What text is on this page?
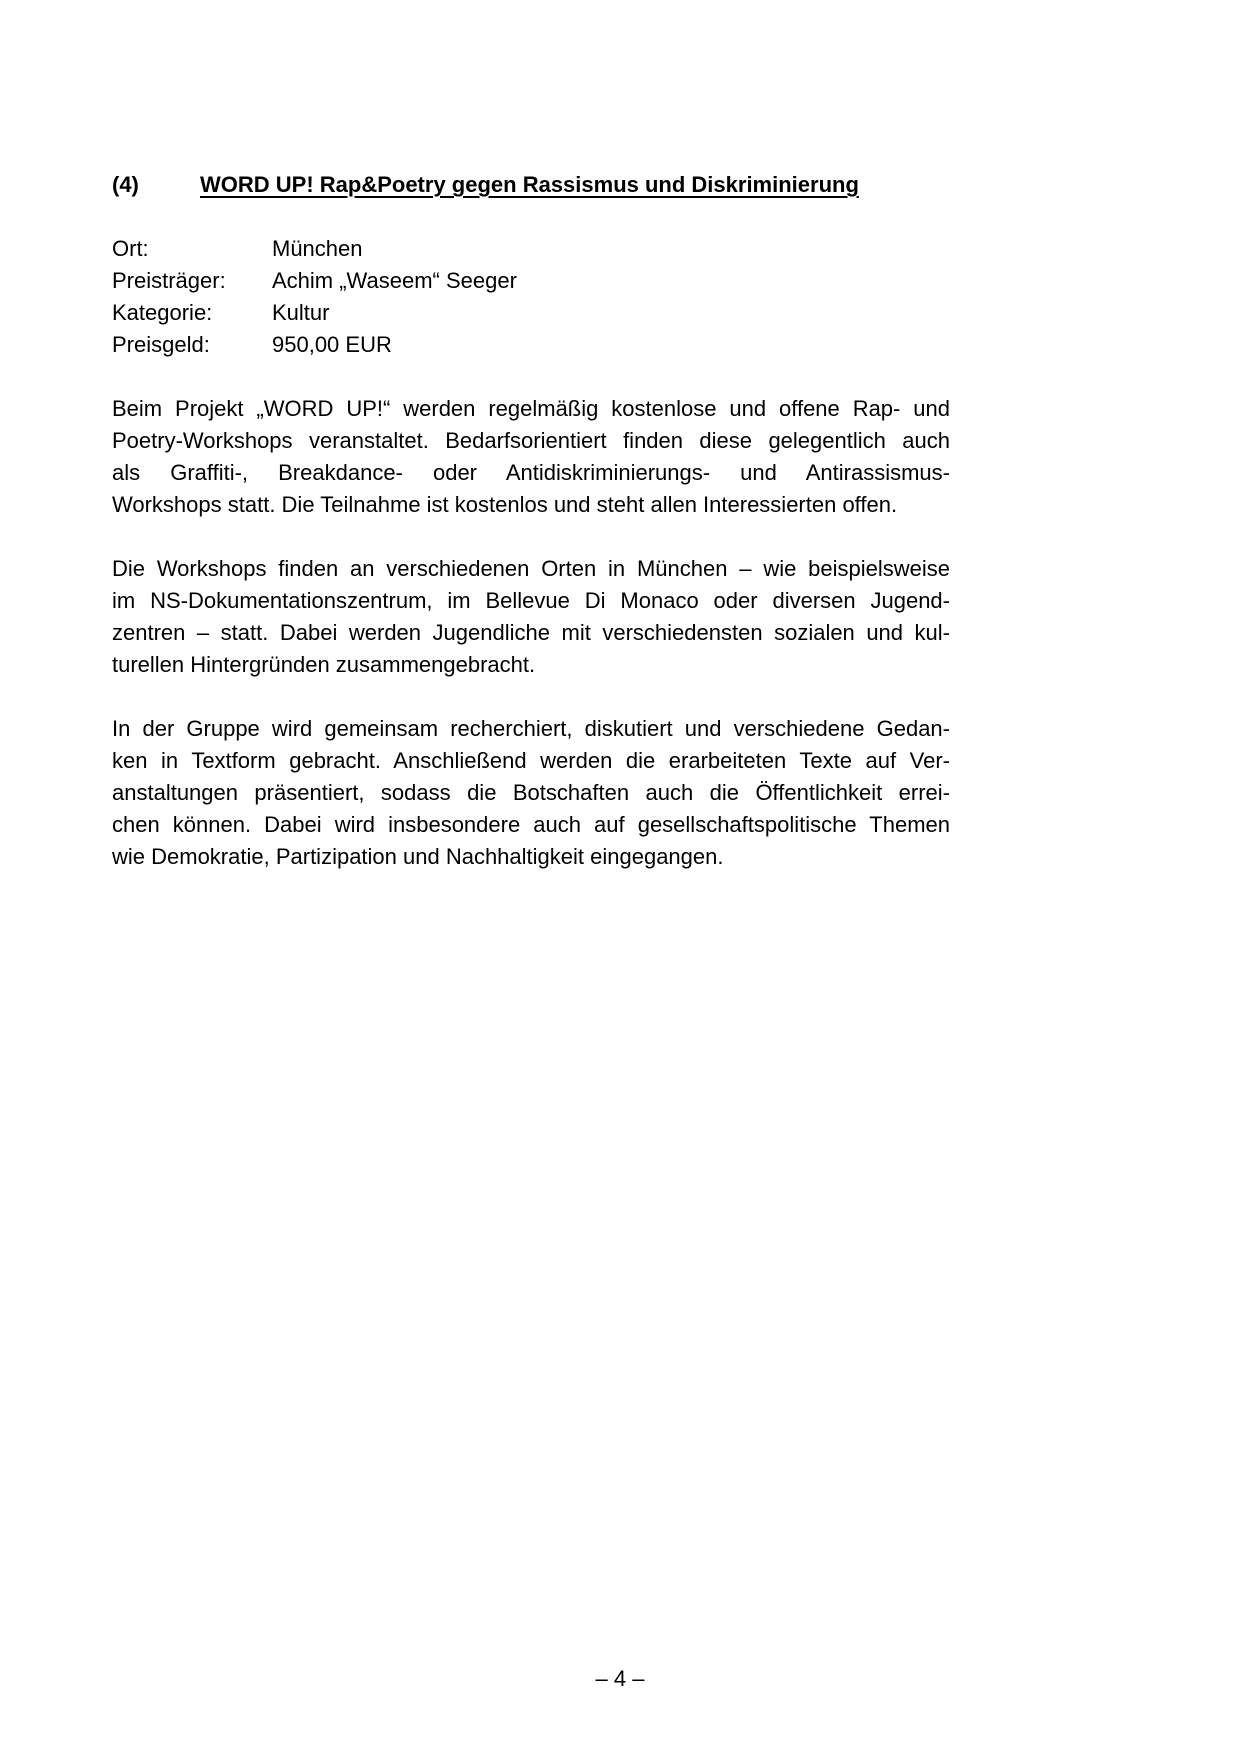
(4)	WORD UP! Rap&Poetry gegen Rassismus und Diskriminierung
Ort:	München
Preisträger:	Achim „Waseem“ Seeger
Kategorie:	Kultur
Preisgeld:	950,00 EUR
Beim Projekt „WORD UP!“ werden regelmäßig kostenlose und offene Rap- und
Poetry-Workshops veranstaltet. Bedarfsorientiert finden diese gelegentlich auch
als Graffiti-, Breakdance- oder Antidiskriminierungs- und Antirassismus-
Workshops statt. Die Teilnahme ist kostenlos und steht allen Interessierten offen.
Die Workshops finden an verschiedenen Orten in München – wie beispielsweise
im NS-Dokumentationszentrum, im Bellevue Di Monaco oder diversen Jugend-
zentren – statt. Dabei werden Jugendliche mit verschiedensten sozialen und kul-
turellen Hintergründen zusammengebracht.
In der Gruppe wird gemeinsam recherchiert, diskutiert und verschiedene Gedan-
ken in Textform gebracht. Anschließend werden die erarbeiteten Texte auf Ver-
anstaltungen präsentiert, sodass die Botschaften auch die Öffentlichkeit errei-
chen können. Dabei wird insbesondere auch auf gesellschaftspolitische Themen
wie Demokratie, Partizipation und Nachhaltigkeit eingegangen.
– 4 –
